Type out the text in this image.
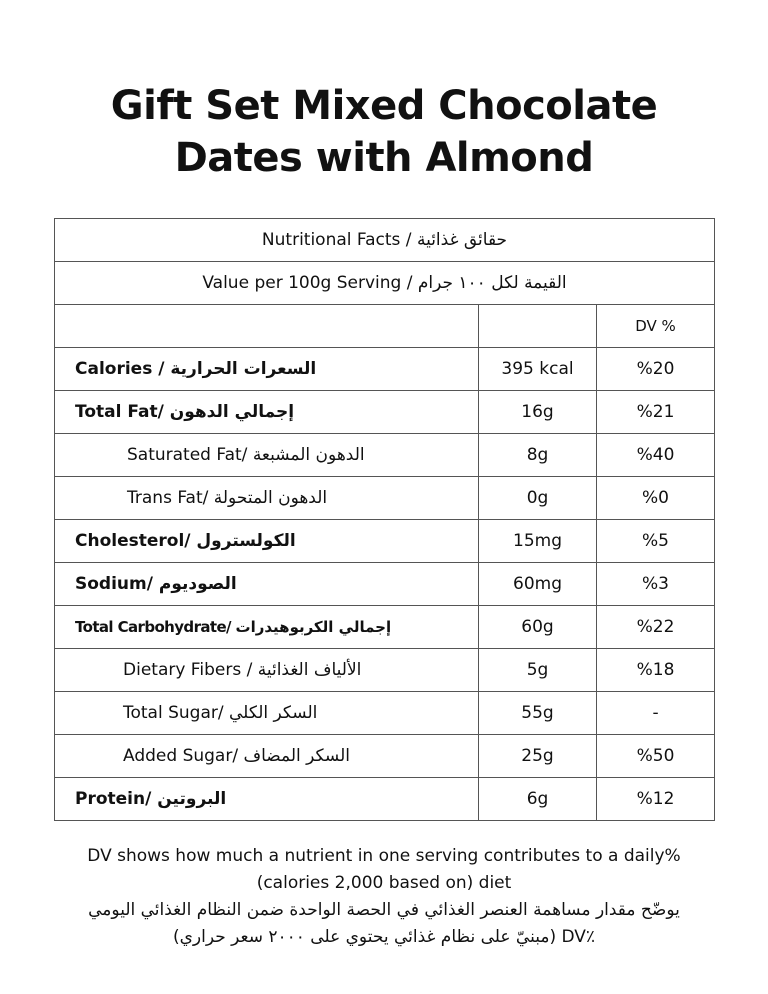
Gift Set Mixed Chocolate
Dates with Almond
Nutritional Facts / حقائق غذائية		
Value per 100g Serving / القيمة لكل ١٠٠ جرام		
		DV %
Calories / السعرات الحرارية	395 kcal	%20
Total Fat/ إجمالي الدهون	16g	%21
Saturated Fat/ الدهون المشبعة	8g	%40
Trans Fat/ الدهون المتحولة	0g	%0
Cholesterol/ الكولسترول	15mg	%5
Sodium/ الصوديوم	60mg	%3
Total Carbohydrate/ إجمالي الكربوهيدرات	60g	%22
Dietary Fibers / الألياف الغذائية	5g	%18
Total Sugar/ السكر الكلي	55g	-
Added Sugar/ السكر المضاف	25g	%50
Protein/ البروتين	6g	%12
DV shows how much a nutrient in one serving contributes to a daily%
(calories 2,000 based on) diet
يوضّح مقدار مساهمة العنصر الغذائي في الحصة الواحدة ضمن النظام الغذائي اليومي
(مبنيّ على نظام غذائي يحتوي على ٢٠٠٠ سعر حراري) DV٪
